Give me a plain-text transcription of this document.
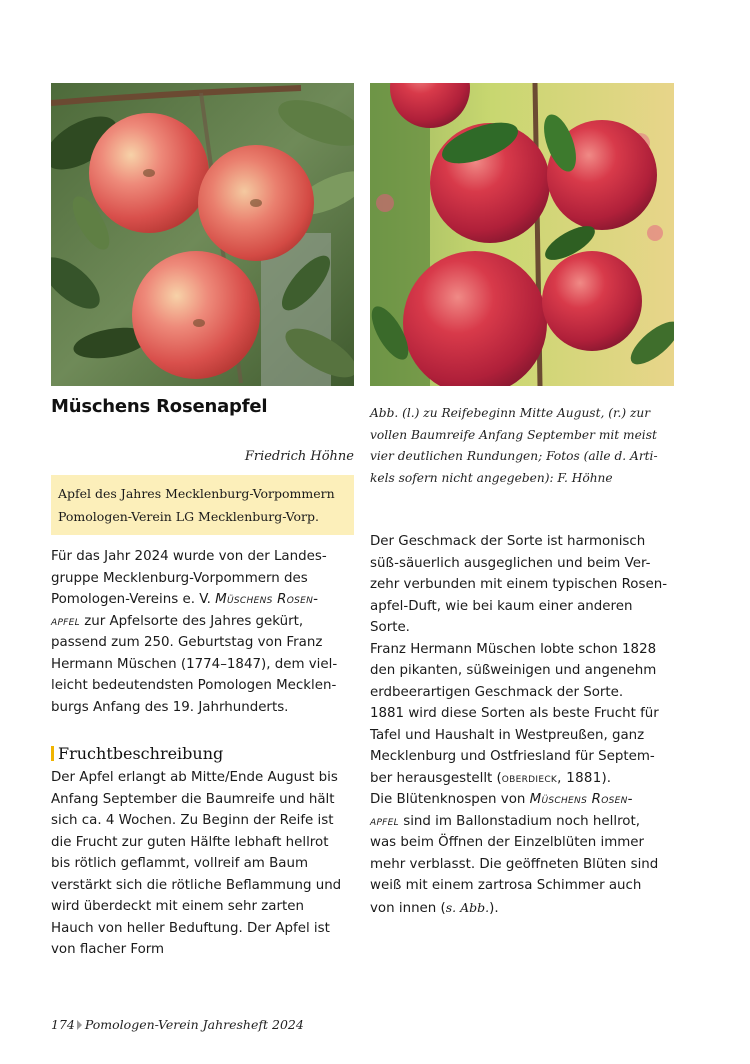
Müschens Rosenapfel
Friedrich Höhne

Abb. (l.) zu Reifebeginn Mitte August, (r.) zur
vollen Baumreife Anfang September mit meist
vier deutlichen Rundungen; Fotos (alle d. Arti-
kels sofern nicht angegeben): F. Höhne

Apfel des Jahres Mecklenburg-Vorpommern
Pomologen-Verein LG Mecklenburg-Vorp.
Für das Jahr 2024 wurde von der Landes-
gruppe Mecklenburg-Vorpommern des
Pomologen-Vereins e. V. Müschens Rosen-
apfel zur Apfelsorte des Jahres gekürt,
passend zum 250. Geburtstag von Franz
Hermann Müschen (1774–1847), dem viel-
leicht bedeutendsten Pomologen Mecklen-
burgs Anfang des 19. Jahrhunderts.
Fruchtbeschreibung
Der Apfel erlangt ab Mitte/Ende August bis
Anfang September die Baumreife und hält
sich ca. 4 Wochen. Zu Beginn der Reife ist
die Frucht zur guten Hälfte lebhaft hellrot
bis rötlich geflammt, vollreif am Baum
verstärkt sich die rötliche Beflammung und
wird überdeckt mit einem sehr zarten
Hauch von heller Beduftung. Der Apfel ist
von flacher Form
Der Geschmack der Sorte ist harmonisch
süß-säuerlich ausgeglichen und beim Ver-
zehr verbunden mit einem typischen Rosen-
apfel-Duft, wie bei kaum einer anderen
Sorte.
Franz Hermann Müschen lobte schon 1828
den pikanten, süßweinigen und angenehm
erdbeerartigen Geschmack der Sorte.
1881 wird diese Sorten als beste Frucht für
Tafel und Haushalt in Westpreußen, ganz
Mecklenburg und Ostfriesland für Septem-
ber herausgestellt (oberdieck, 1881).
Die Blütenknospen von Müschens Rosen-
apfel sind im Ballonstadium noch hellrot,
was beim Öffnen der Einzelblüten immer
mehr verblasst. Die geöffneten Blüten sind
weiß mit einem zartrosa Schimmer auch
von innen (s. Abb.).
174 Pomologen-Verein Jahresheft 2024
